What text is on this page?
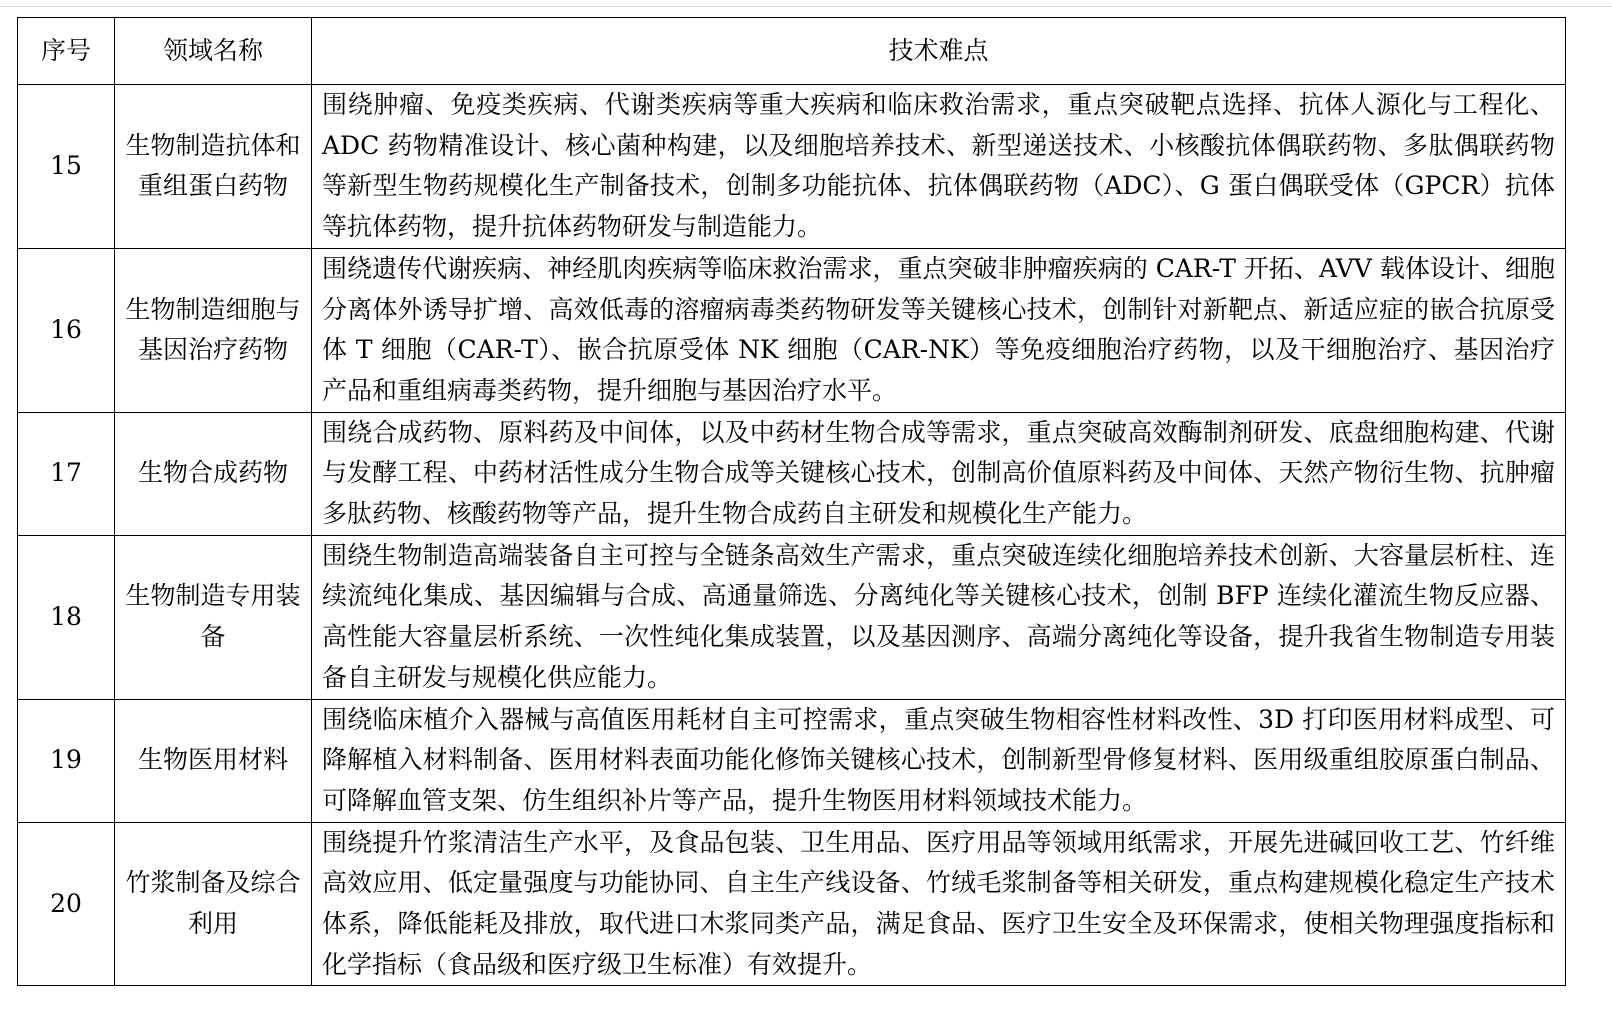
序号	领域名称	技术难点
15	生物制造抗体和重组蛋白药物	围绕肿瘤、免疫类疾病、代谢类疾病等重大疾病和临床救治需求，重点突破靶点选择、抗体人源化与工程化、ADC 药物精准设计、核心菌种构建，以及细胞培养技术、新型递送技术、小核酸抗体偶联药物、多肽偶联药物等新型生物药规模化生产制备技术，创制多功能抗体、抗体偶联药物（ADC）、G 蛋白偶联受体（GPCR）抗体等抗体药物，提升抗体药物研发与制造能力。
16	生物制造细胞与基因治疗药物	围绕遗传代谢疾病、神经肌肉疾病等临床救治需求，重点突破非肿瘤疾病的 CAR-T 开拓、AVV 载体设计、细胞分离体外诱导扩增、高效低毒的溶瘤病毒类药物研发等关键核心技术，创制针对新靶点、新适应症的嵌合抗原受体 T 细胞（CAR-T）、嵌合抗原受体 NK 细胞（CAR-NK）等免疫细胞治疗药物，以及干细胞治疗、基因治疗产品和重组病毒类药物，提升细胞与基因治疗水平。
17	生物合成药物	围绕合成药物、原料药及中间体，以及中药材生物合成等需求，重点突破高效酶制剂研发、底盘细胞构建、代谢与发酵工程、中药材活性成分生物合成等关键核心技术，创制高价值原料药及中间体、天然产物衍生物、抗肿瘤多肽药物、核酸药物等产品，提升生物合成药自主研发和规模化生产能力。
18	生物制造专用装备	围绕生物制造高端装备自主可控与全链条高效生产需求，重点突破连续化细胞培养技术创新、大容量层析柱、连续流纯化集成、基因编辑与合成、高通量筛选、分离纯化等关键核心技术，创制 BFP 连续化灌流生物反应器、高性能大容量层析系统、一次性纯化集成装置，以及基因测序、高端分离纯化等设备，提升我省生物制造专用装备自主研发与规模化供应能力。
19	生物医用材料	围绕临床植介入器械与高值医用耗材自主可控需求，重点突破生物相容性材料改性、3D 打印医用材料成型、可降解植入材料制备、医用材料表面功能化修饰关键核心技术，创制新型骨修复材料、医用级重组胶原蛋白制品、可降解血管支架、仿生组织补片等产品，提升生物医用材料领域技术能力。
20	竹浆制备及综合利用	围绕提升竹浆清洁生产水平，及食品包装、卫生用品、医疗用品等领域用纸需求，开展先进碱回收工艺、竹纤维高效应用、低定量强度与功能协同、自主生产线设备、竹绒毛浆制备等相关研发，重点构建规模化稳定生产技术体系，降低能耗及排放，取代进口木浆同类产品，满足食品、医疗卫生安全及环保需求，使相关物理强度指标和化学指标（食品级和医疗级卫生标准）有效提升。
